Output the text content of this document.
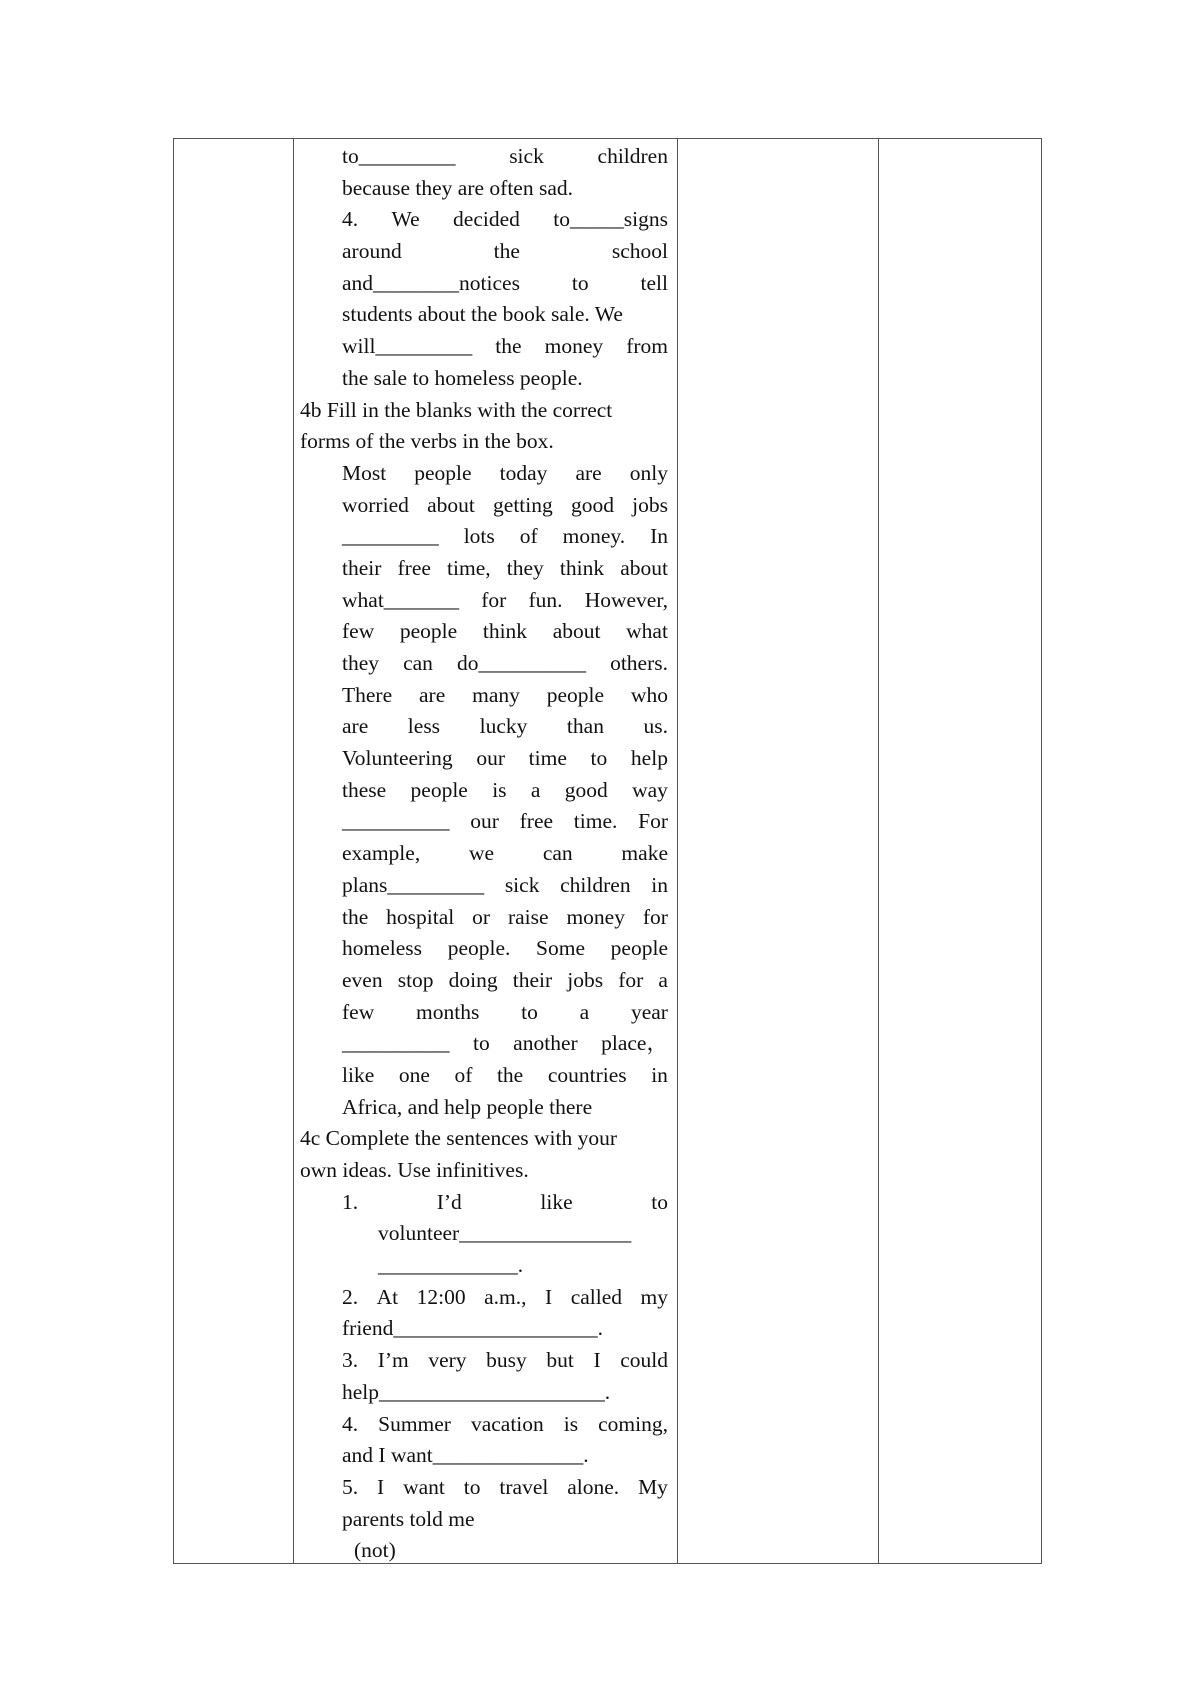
to_________ sick children
because they are often sad.
4. We decided to_____signs
around	the	school
and________notices to tell
students about the book sale. We
will_________ the money from
the sale to homeless people.
4b Fill in the blanks with the correct
forms of the verbs in the box.
Most people today are only
worried about getting good jobs
_________ lots of money. In
their free time, they think about
what_______ for fun. However,
few people think about what
they can do__________ others.
There are many people who
are less lucky than us.
Volunteering our time to help
these people is a good way
__________ our free time. For
example, we can make
plans_________ sick children in
the hospital or raise money for
homeless people. Some people
even stop doing their jobs for a
few months to a year
__________ to another place，
like one of the countries in
Africa, and help people there
4c Complete the sentences with your
own ideas. Use infinitives.
1.	I’d	like	to
volunteer________________
_____________.
2. At 12:00 a.m., I called my
friend___________________.
3. I’m very busy but I could
help_____________________.
4. Summer vacation is coming,
and I want______________.
5. I want to travel alone. My
parents told me
(not)
